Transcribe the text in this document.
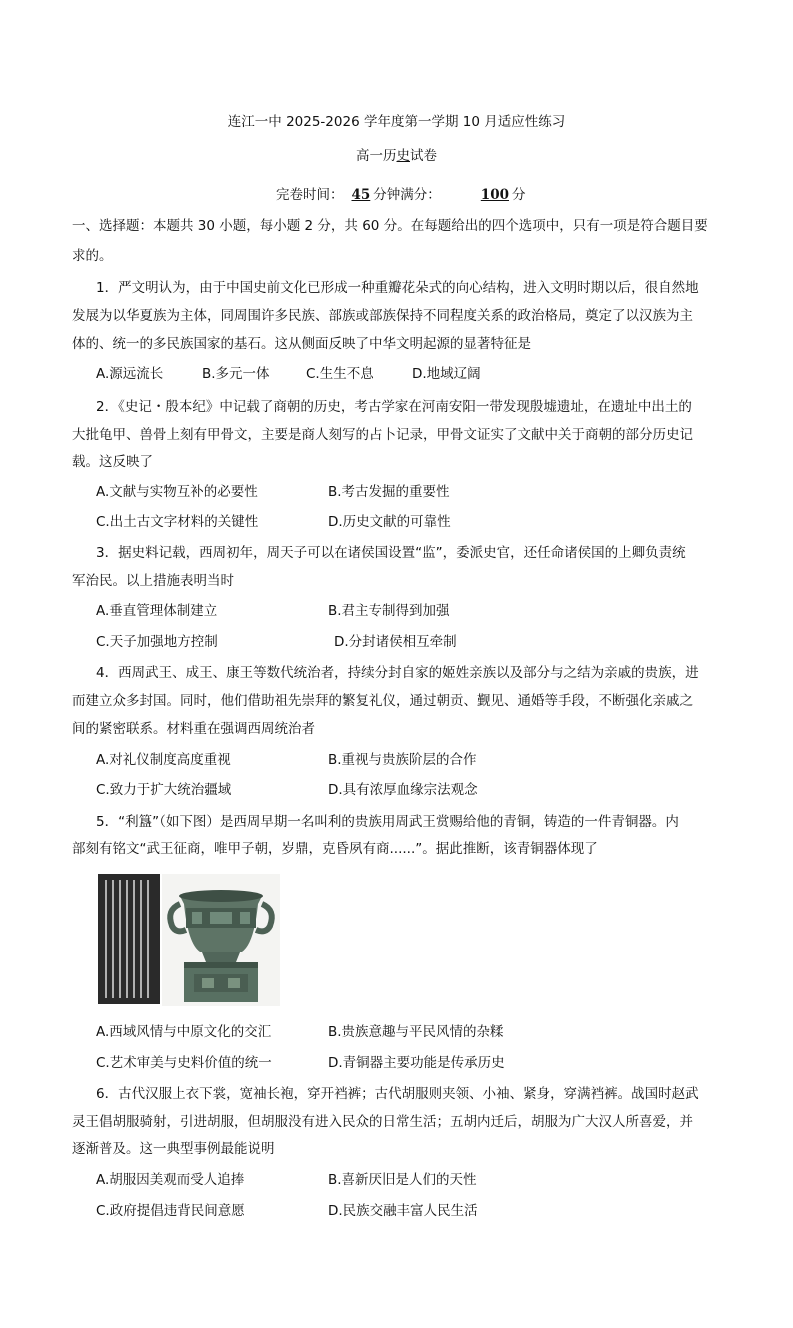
连江一中 2025-2026 学年度第一学期 10 月适应性练习
高一历史试卷
完卷时间： 45 分钟满分：	100 分
一、选择题：本题共 30 小题，每小题 2 分，共 60 分。在每题给出的四个选项中，只有一项是符合题目要
求的。
1．严文明认为，由于中国史前文化已形成一种重瓣花朵式的向心结构，进入文明时期以后，很自然地
发展为以华夏族为主体，同周围许多民族、部族或部族保持不同程度关系的政治格局，奠定了以汉族为主
体的、统一的多民族国家的基石。这从侧面反映了中华文明起源的显著特征是
A.源远流长	B.多元一体	C.生生不息	D.地域辽阔
2．《史记・殷本纪》中记载了商朝的历史，考古学家在河南安阳一带发现殷墟遗址，在遗址中出土的
大批龟甲、兽骨上刻有甲骨文，主要是商人刻写的占卜记录，甲骨文证实了文献中关于商朝的部分历史记
载。这反映了
A.文献与实物互补的必要性	B.考古发掘的重要性
C.出土古文字材料的关键性	D.历史文献的可靠性
3．据史料记载，西周初年，周天子可以在诸侯国设置“监”，委派史官，还任命诸侯国的上卿负责统
军治民。以上措施表明当时
A.垂直管理体制建立	B.君主专制得到加强
C.天子加强地方控制	D.分封诸侯相互牵制
4．西周武王、成王、康王等数代统治者，持续分封自家的姬姓亲族以及部分与之结为亲戚的贵族，进
而建立众多封国。同时，他们借助祖先崇拜的繁复礼仪，通过朝贡、觐见、通婚等手段，不断强化亲戚之
间的紧密联系。材料重在强调西周统治者
A.对礼仪制度高度重视	B.重视与贵族阶层的合作
C.致力于扩大统治疆域	D.具有浓厚血缘宗法观念
5．“利簋”（如下图）是西周早期一名叫利的贵族用周武王赏赐给他的青铜，铸造的一件青铜器。内
部刻有铭文“武王征商，唯甲子朝，岁鼎，克昏夙有商......”。据此推断，该青铜器体现了
A.西域风情与中原文化的交汇	B.贵族意趣与平民风情的杂糅
C.艺术审美与史料价值的统一	D.青铜器主要功能是传承历史
6．古代汉服上衣下裳，宽袖长袍，穿开裆裤；古代胡服则夹领、小袖、紧身，穿满裆裤。战国时赵武
灵王倡胡服骑射，引进胡服，但胡服没有进入民众的日常生活；五胡内迁后，胡服为广大汉人所喜爱，并
逐渐普及。这一典型事例最能说明
A.胡服因美观而受人追捧	B.喜新厌旧是人们的天性
C.政府提倡违背民间意愿	D.民族交融丰富人民生活
